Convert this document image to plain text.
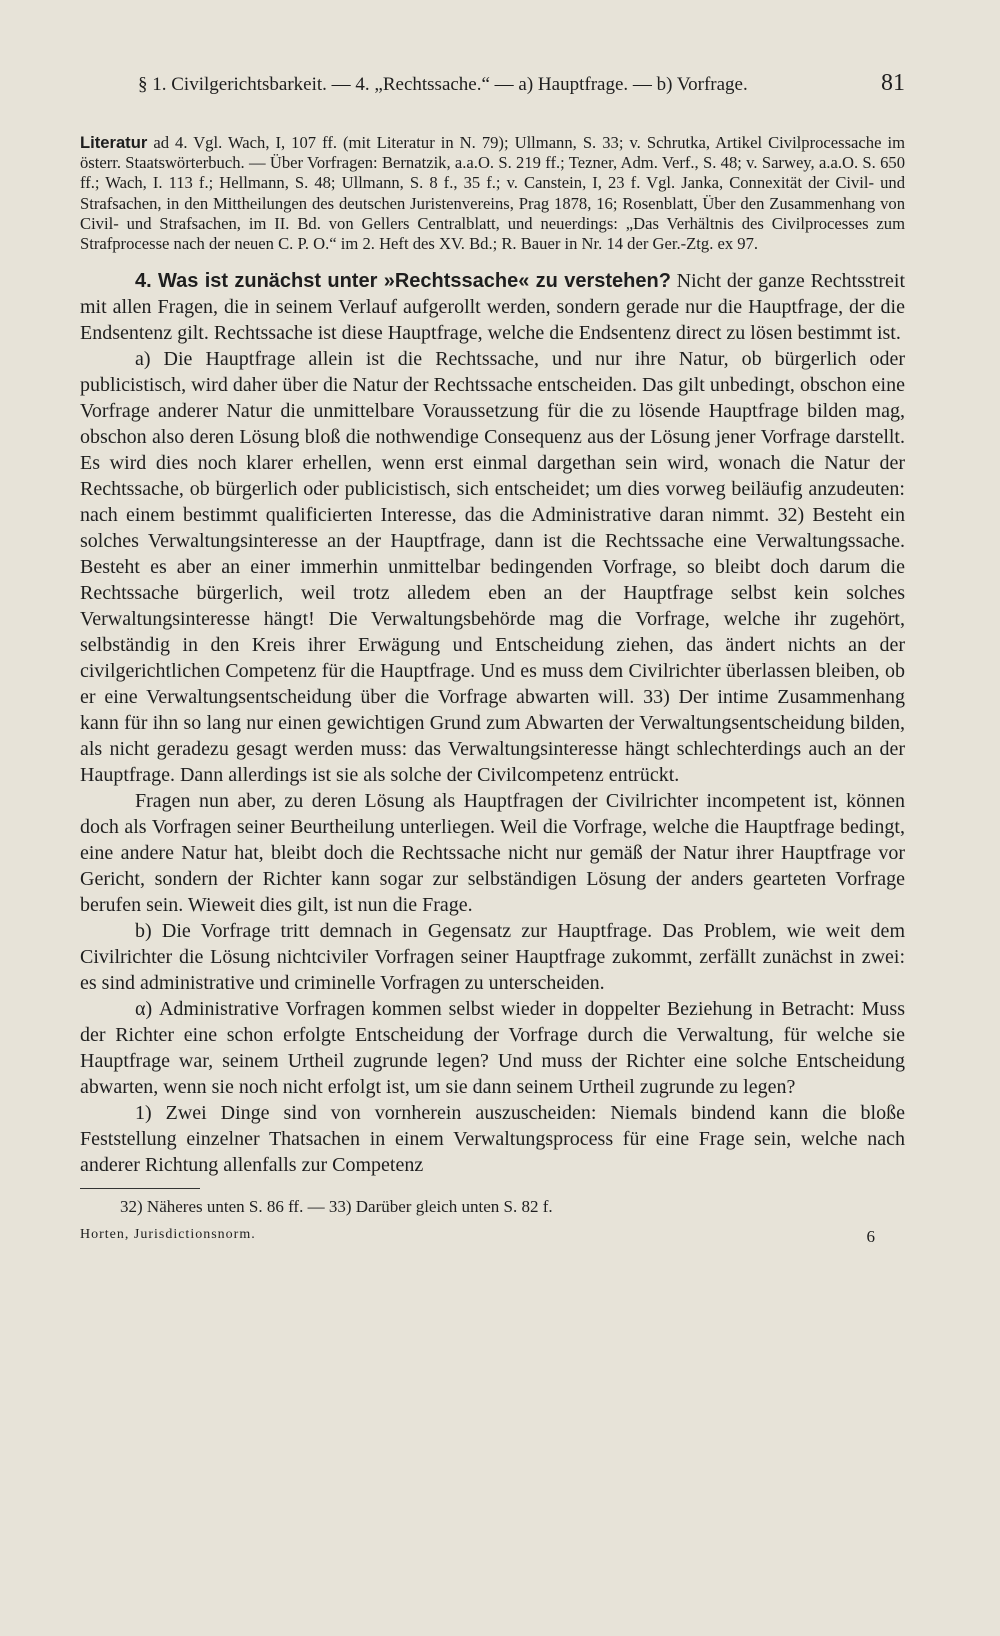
§ 1. Civilgerichtsbarkeit. — 4. „Rechtssache.“ — a) Hauptfrage. — b) Vorfrage.	81

Literatur ad 4. Vgl. Wach, I, 107 ff. (mit Literatur in N. 79); Ullmann, S. 33; v. Schrutka, Artikel Civilprocessache im österr. Staatswörterbuch. — Über Vorfragen: Bernatzik, a.a.O. S. 219 ff.; Tezner, Adm. Verf., S. 48; v. Sarwey, a.a.O. S. 650 ff.; Wach, I. 113 f.; Hellmann, S. 48; Ullmann, S. 8 f., 35 f.; v. Canstein, I, 23 f. Vgl. Janka, Connexität der Civil- und Strafsachen, in den Mittheilungen des deutschen Juristenvereins, Prag 1878, 16; Rosenblatt, Über den Zusammenhang von Civil- und Strafsachen, im II. Bd. von Gellers Centralblatt, und neuerdings: „Das Verhältnis des Civilprocesses zum Strafprocesse nach der neuen C. P. O.“ im 2. Heft des XV. Bd.; R. Bauer in Nr. 14 der Ger.-Ztg. ex 97.

4. Was ist zunächst unter »Rechtssache« zu verstehen? Nicht der ganze Rechtsstreit mit allen Fragen, die in seinem Verlauf aufgerollt werden, sondern gerade nur die Hauptfrage, der die Endsentenz gilt. Rechtssache ist diese Hauptfrage, welche die Endsentenz direct zu lösen bestimmt ist.

a) Die Hauptfrage allein ist die Rechtssache, und nur ihre Natur, ob bürgerlich oder publicistisch, wird daher über die Natur der Rechtssache entscheiden. Das gilt unbedingt, obschon eine Vorfrage anderer Natur die unmittelbare Voraussetzung für die zu lösende Hauptfrage bilden mag, obschon also deren Lösung bloß die nothwendige Consequenz aus der Lösung jener Vorfrage darstellt. Es wird dies noch klarer erhellen, wenn erst einmal dargethan sein wird, wonach die Natur der Rechtssache, ob bürgerlich oder publicistisch, sich entscheidet; um dies vorweg beiläufig anzudeuten: nach einem bestimmt qualificierten Interesse, das die Administrative daran nimmt. 32) Besteht ein solches Verwaltungsinteresse an der Hauptfrage, dann ist die Rechtssache eine Verwaltungssache. Besteht es aber an einer immerhin unmittelbar bedingenden Vorfrage, so bleibt doch darum die Rechtssache bürgerlich, weil trotz alledem eben an der Hauptfrage selbst kein solches Verwaltungsinteresse hängt! Die Verwaltungsbehörde mag die Vorfrage, welche ihr zugehört, selbständig in den Kreis ihrer Erwägung und Entscheidung ziehen, das ändert nichts an der civilgerichtlichen Competenz für die Hauptfrage. Und es muss dem Civilrichter überlassen bleiben, ob er eine Verwaltungsentscheidung über die Vorfrage abwarten will. 33) Der intime Zusammenhang kann für ihn so lang nur einen gewichtigen Grund zum Abwarten der Verwaltungsentscheidung bilden, als nicht geradezu gesagt werden muss: das Verwaltungsinteresse hängt schlechterdings auch an der Hauptfrage. Dann allerdings ist sie als solche der Civilcompetenz entrückt.

Fragen nun aber, zu deren Lösung als Hauptfragen der Civilrichter incompetent ist, können doch als Vorfragen seiner Beurtheilung unterliegen. Weil die Vorfrage, welche die Hauptfrage bedingt, eine andere Natur hat, bleibt doch die Rechtssache nicht nur gemäß der Natur ihrer Hauptfrage vor Gericht, sondern der Richter kann sogar zur selbständigen Lösung der anders gearteten Vorfrage berufen sein. Wieweit dies gilt, ist nun die Frage.

b) Die Vorfrage tritt demnach in Gegensatz zur Hauptfrage. Das Problem, wie weit dem Civilrichter die Lösung nichtciviler Vorfragen seiner Hauptfrage zukommt, zerfällt zunächst in zwei: es sind administrative und criminelle Vorfragen zu unterscheiden.

α) Administrative Vorfragen kommen selbst wieder in doppelter Beziehung in Betracht: Muss der Richter eine schon erfolgte Entscheidung der Vorfrage durch die Verwaltung, für welche sie Hauptfrage war, seinem Urtheil zugrunde legen? Und muss der Richter eine solche Entscheidung abwarten, wenn sie noch nicht erfolgt ist, um sie dann seinem Urtheil zugrunde zu legen?

1) Zwei Dinge sind von vornherein auszuscheiden: Niemals bindend kann die bloße Feststellung einzelner Thatsachen in einem Verwaltungsprocess für eine Frage sein, welche nach anderer Richtung allenfalls zur Competenz

32) Näheres unten S. 86 ff. — 33) Darüber gleich unten S. 82 f.
Horten, Jurisdictionsnorm.	6
